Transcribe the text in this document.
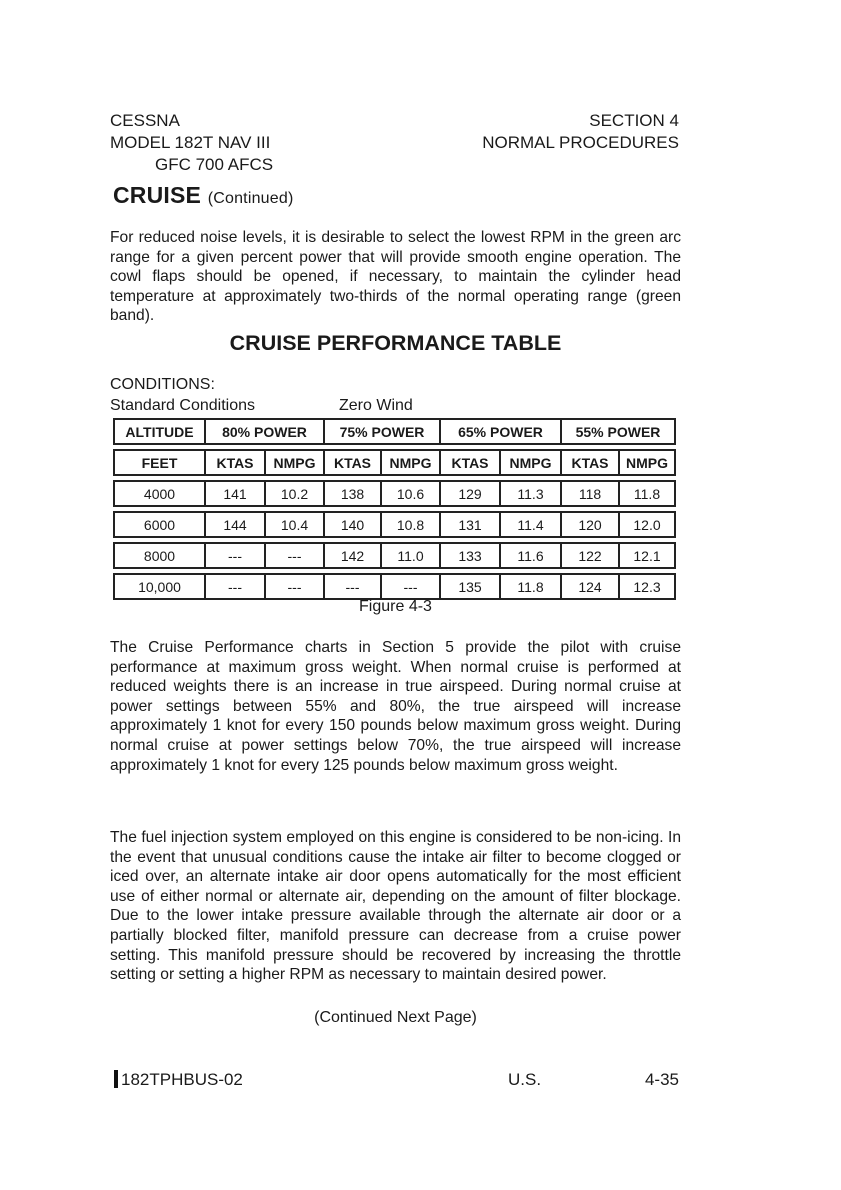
CESSNA
MODEL 182T NAV III
GFC 700 AFCS
SECTION 4
NORMAL PROCEDURES
CRUISE (Continued)
For reduced noise levels, it is desirable to select the lowest RPM in the green arc range for a given percent power that will provide smooth engine operation. The cowl flaps should be opened, if necessary, to maintain the cylinder head temperature at approximately two-thirds of the normal operating range (green band).
CRUISE PERFORMANCE TABLE
CONDITIONS:
Standard Conditions	Zero Wind
ALTITUDE	80% POWER		75% POWER		65% POWER		55% POWER	

FEET	KTAS	NMPG	KTAS	NMPG	KTAS	NMPG	KTAS	NMPG

4000	141	10.2	138	10.6	129	11.3	118	11.8

6000	144	10.4	140	10.8	131	11.4	120	12.0

8000	---	---	142	11.0	133	11.6	122	12.1

10,000	---	---	---	---	135	11.8	124	12.3
Figure 4-3
The Cruise Performance charts in Section 5 provide the pilot with cruise performance at maximum gross weight. When normal cruise is performed at reduced weights there is an increase in true airspeed. During normal cruise at power settings between 55% and 80%, the true airspeed will increase approximately 1 knot for every 150 pounds below maximum gross weight. During normal cruise at power settings below 70%, the true airspeed will increase approximately 1 knot for every 125 pounds below maximum gross weight.
The fuel injection system employed on this engine is considered to be non-icing. In the event that unusual conditions cause the intake air filter to become clogged or iced over, an alternate intake air door opens automatically for the most efficient use of either normal or alternate air, depending on the amount of filter blockage. Due to the lower intake pressure available through the alternate air door or a partially blocked filter, manifold pressure can decrease from a cruise power setting. This manifold pressure should be recovered by increasing the throttle setting or setting a higher RPM as necessary to maintain desired power.
(Continued Next Page)
182TPHBUS-02	U.S.	4-35
